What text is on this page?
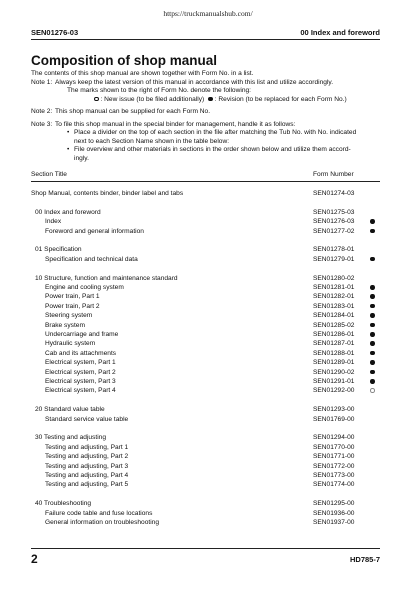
https://truckmanualshub.com/
SEN01276-03	00 Index and foreword
Composition of shop manual
The contents of this shop manual are shown together with Form No. in a list.
Note 1: Always keep the latest version of this manual in accordance with this list and utilize accordingly.
The marks shown to the right of Form No. denote the following:
: New issue (to be filed additionally)	: Revision (to be replaced for each Form No.)
Note 2: This shop manual can be supplied for each Form No.
Note 3: To file this shop manual in the special binder for management, handle it as follows:
• Place a divider on the top of each section in the file after matching the Tub No. with No. indicated
next to each Section Name shown in the table below:
• File overview and other materials in sections in the order shown below and utilize them accord-
ingly.
Section Title	Form Number
Shop Manual, contents binder, binder label and tabs	SEN01274-03
00 Index and foreword	SEN01275-03
Index	SEN01276-03
Foreword and general information	SEN01277-02
01 Specification	SEN01278-01
Specification and technical data	SEN01279-01
10 Structure, function and maintenance standard	SEN01280-02
Engine and cooling system	SEN01281-01
Power train, Part 1	SEN01282-01
Power train, Part 2	SEN01283-01
Steering system	SEN01284-01
Brake system	SEN01285-02
Undercarriage and frame	SEN01286-01
Hydraulic system	SEN01287-01
Cab and its attachments	SEN01288-01
Electrical system, Part 1	SEN01289-01
Electrical system, Part 2	SEN01290-02
Electrical system, Part 3	SEN01291-01
Electrical system, Part 4	SEN01292-00
20 Standard value table	SEN01293-00
Standard service value table	SEN01769-00
30 Testing and adjusting	SEN01294-00
Testing and adjusting, Part 1	SEN01770-00
Testing and adjusting, Part 2	SEN01771-00
Testing and adjusting, Part 3	SEN01772-00
Testing and adjusting, Part 4	SEN01773-00
Testing and adjusting, Part 5	SEN01774-00
40 Troubleshooting	SEN01295-00
Failure code table and fuse locations	SEN01936-00
General information on troubleshooting	SEN01937-00
2	HD785-7
